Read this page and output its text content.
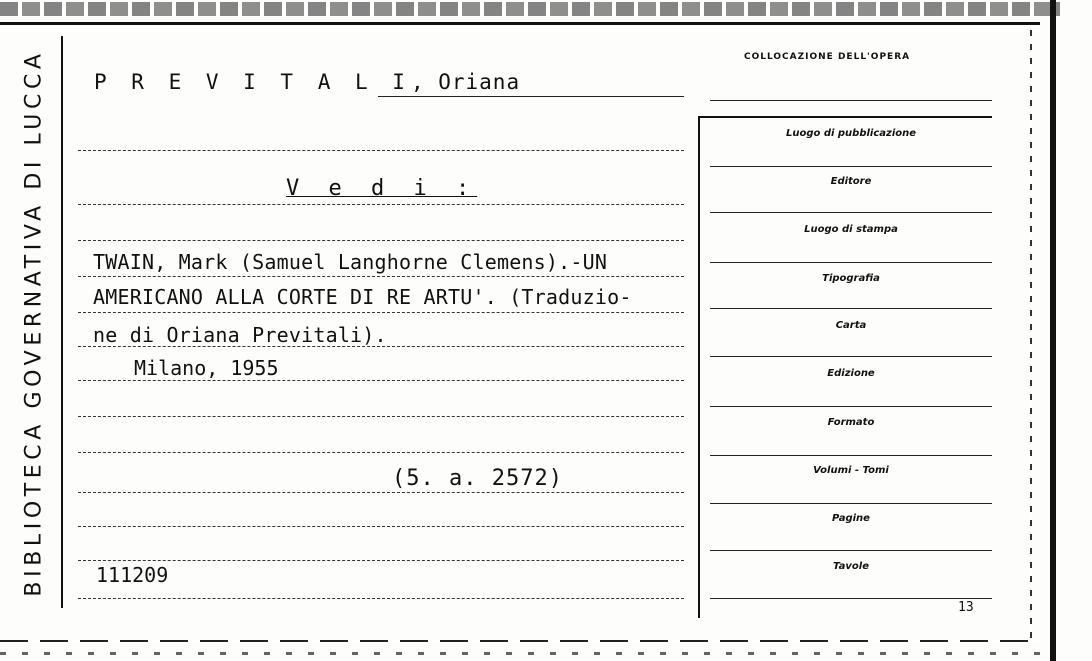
BIBLIOTECA GOVERNATIVA DI LUCCA P R E V I T A L I, Oriana
V e d i :
TWAIN, Mark (Samuel Langhorne Clemens).-UN
AMERICANO ALLA CORTE DI RE ARTU'. (Traduzio-
ne di Oriana Previtali).
Milano, 1955
(5. a. 2572)
111209
COLLOCAZIONE DELL'OPERA
Luogo di pubblicazione
Editore
Luogo di stampa
Tipografia
Carta
Edizione
Formato
Volumi - Tomi
Pagine
Tavole
13
